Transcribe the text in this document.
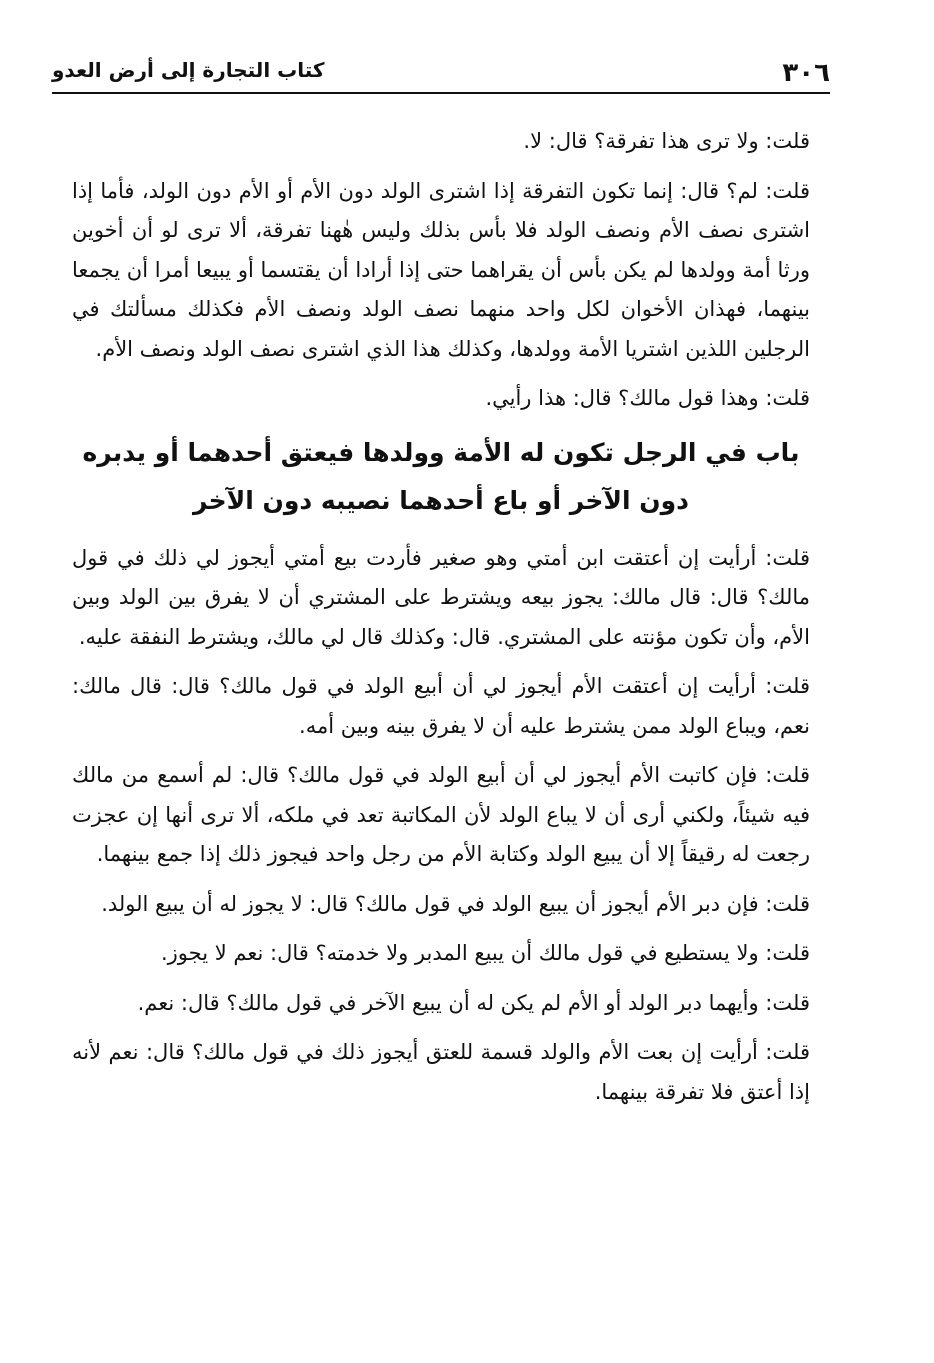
٣٠٦
كتاب التجارة إلى أرض العدو

قلت: ولا ترى هذا تفرقة؟ قال: لا.

قلت: لم؟ قال: إنما تكون التفرقة إذا اشترى الولد دون الأم أو الأم دون الولد، فأما إذا اشترى نصف الأم ونصف الولد فلا بأس بذلك وليس هٰهنا تفرقة، ألا ترى لو أن أخوين ورثا أمة وولدها لم يكن بأس أن يقراهما حتى إذا أرادا أن يقتسما أو يبيعا أمرا أن يجمعا بينهما، فهذان الأخوان لكل واحد منهما نصف الولد ونصف الأم فكذلك مسألتك في الرجلين اللذين اشتريا الأمة وولدها، وكذلك هذا الذي اشترى نصف الولد ونصف الأم.

قلت: وهذا قول مالك؟ قال: هذا رأيي.

باب في الرجل تكون له الأمة وولدها فيعتق أحدهما أو يدبره
دون الآخر أو باع أحدهما نصيبه دون الآخر

قلت: أرأيت إن أعتقت ابن أمتي وهو صغير فأردت بيع أمتي أيجوز لي ذلك في قول مالك؟ قال: قال مالك: يجوز بيعه ويشترط على المشتري أن لا يفرق بين الولد وبين الأم، وأن تكون مؤنته على المشتري. قال: وكذلك قال لي مالك، ويشترط النفقة عليه.

قلت: أرأيت إن أعتقت الأم أيجوز لي أن أبيع الولد في قول مالك؟ قال: قال مالك: نعم، ويباع الولد ممن يشترط عليه أن لا يفرق بينه وبين أمه.

قلت: فإن كاتبت الأم أيجوز لي أن أبيع الولد في قول مالك؟ قال: لم أسمع من مالك فيه شيئاً، ولكني أرى أن لا يباع الولد لأن المكاتبة تعد في ملكه، ألا ترى أنها إن عجزت رجعت له رقيقاً إلا أن يبيع الولد وكتابة الأم من رجل واحد فيجوز ذلك إذا جمع بينهما.

قلت: فإن دبر الأم أيجوز أن يبيع الولد في قول مالك؟ قال: لا يجوز له أن يبيع الولد.

قلت: ولا يستطيع في قول مالك أن يبيع المدبر ولا خدمته؟ قال: نعم لا يجوز.

قلت: وأيهما دبر الولد أو الأم لم يكن له أن يبيع الآخر في قول مالك؟ قال: نعم.

قلت: أرأيت إن بعت الأم والولد قسمة للعتق أيجوز ذلك في قول مالك؟ قال: نعم لأنه إذا أعتق فلا تفرقة بينهما.
